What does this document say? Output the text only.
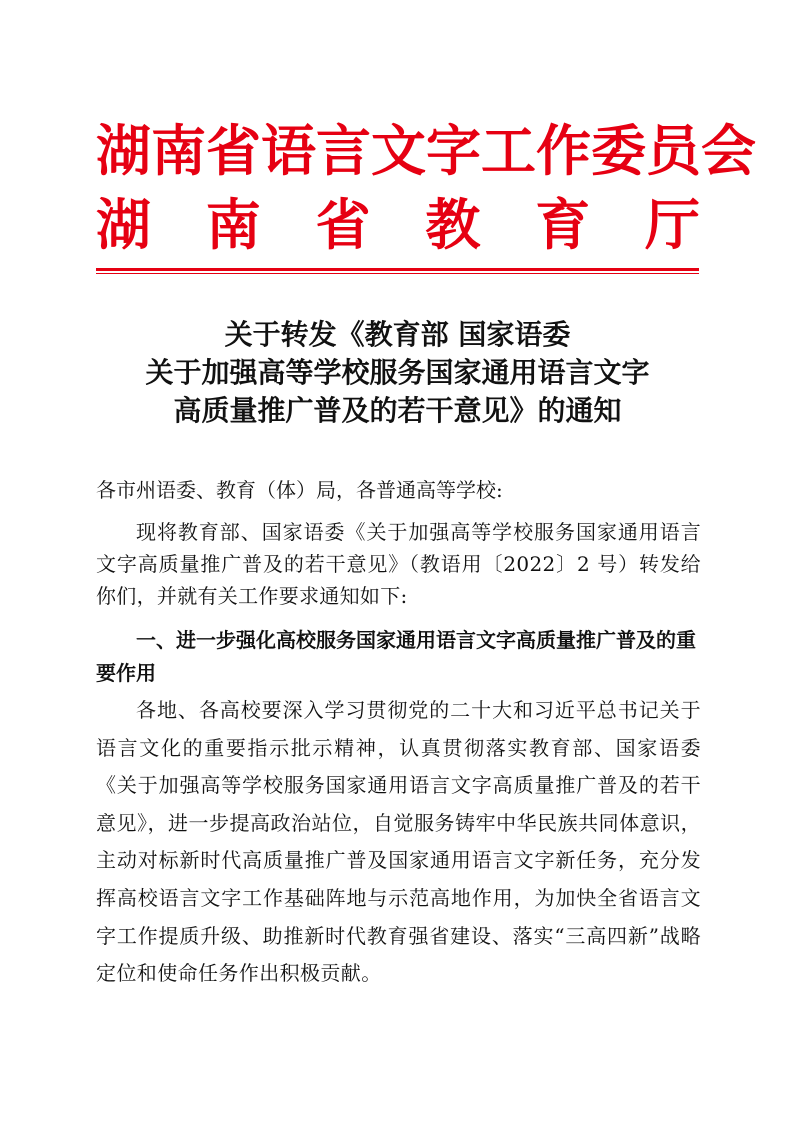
湖南省语言文字工作委员会
湖 南 省 教 育 厅
关于转发《教育部 国家语委
关于加强高等学校服务国家通用语言文字
高质量推广普及的若干意见》的通知
各市州语委、教育（体）局，各普通高等学校:
现将教育部、国家语委《关于加强高等学校服务国家通用语言文字高质量推广普及的若干意见》（教语用〔2022〕2 号）转发给你们，并就有关工作要求通知如下:
一、进一步强化高校服务国家通用语言文字高质量推广普及的重要作用
各地、各高校要深入学习贯彻党的二十大和习近平总书记关于语言文化的重要指示批示精神，认真贯彻落实教育部、国家语委《关于加强高等学校服务国家通用语言文字高质量推广普及的若干意见》，进一步提高政治站位，自觉服务铸牢中华民族共同体意识，主动对标新时代高质量推广普及国家通用语言文字新任务，充分发挥高校语言文字工作基础阵地与示范高地作用，为加快全省语言文字工作提质升级、助推新时代教育强省建设、落实“三高四新”战略定位和使命任务作出积极贡献。
